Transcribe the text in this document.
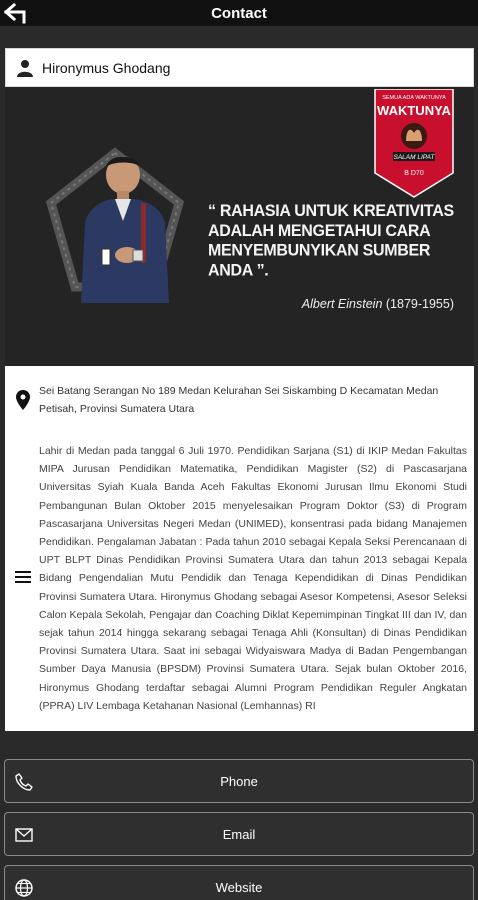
Contact
Hironymus Ghodang
“ RAHASIA UNTUK KREATIVITAS ADALAH MENGETAHUI CARA MENYEMBUNYIKAN SUMBER ANDA ”.
Albert Einstein (1879-1955)
SEMUA ADA WAKTUNYA
WAKTUNYA
SALAM LIPAT
B D70
Sei Batang Serangan No 189 Medan Kelurahan Sei Siskambing D Kecamatan Medan Petisah, Provinsi Sumatera Utara
Lahir di Medan pada tanggal 6 Juli 1970. Pendidikan Sarjana (S1) di IKIP Medan Fakultas MIPA Jurusan Pendidikan Matematika, Pendidikan Magister (S2) di Pascasarjana Universitas Syiah Kuala Banda Aceh Fakultas Ekonomi Jurusan Ilmu Ekonomi Studi Pembangunan Bulan Oktober 2015 menyelesaikan Program Doktor (S3) di Program Pascasarjana Universitas Negeri Medan (UNIMED), konsentrasi pada bidang Manajemen Pendidikan. Pengalaman Jabatan : Pada tahun 2010 sebagai Kepala Seksi Perencanaan di UPT BLPT Dinas Pendidikan Provinsi Sumatera Utara dan tahun 2013 sebagai Kepala Bidang Pengendalian Mutu Pendidik dan Tenaga Kependidikan di Dinas Pendidikan Provinsi Sumatera Utara. Hironymus Ghodang sebagai Asesor Kompetensi, Asesor Seleksi Calon Kepala Sekolah, Pengajar dan Coaching Diklat Kepemimpinan Tingkat III dan IV, dan sejak tahun 2014 hingga sekarang sebagai Tenaga Ahli (Konsultan) di Dinas Pendidikan Provinsi Sumatera Utara. Saat ini sebagai Widyaiswara Madya di Badan Pengembangan Sumber Daya Manusia (BPSDM) Provinsi Sumatera Utara. Sejak bulan Oktober 2016, Hironymus Ghodang terdaftar sebagai Alumni Program Pendidikan Reguler Angkatan (PPRA) LIV Lembaga Ketahanan Nasional (Lemhannas) RI
Phone
Email
Website
